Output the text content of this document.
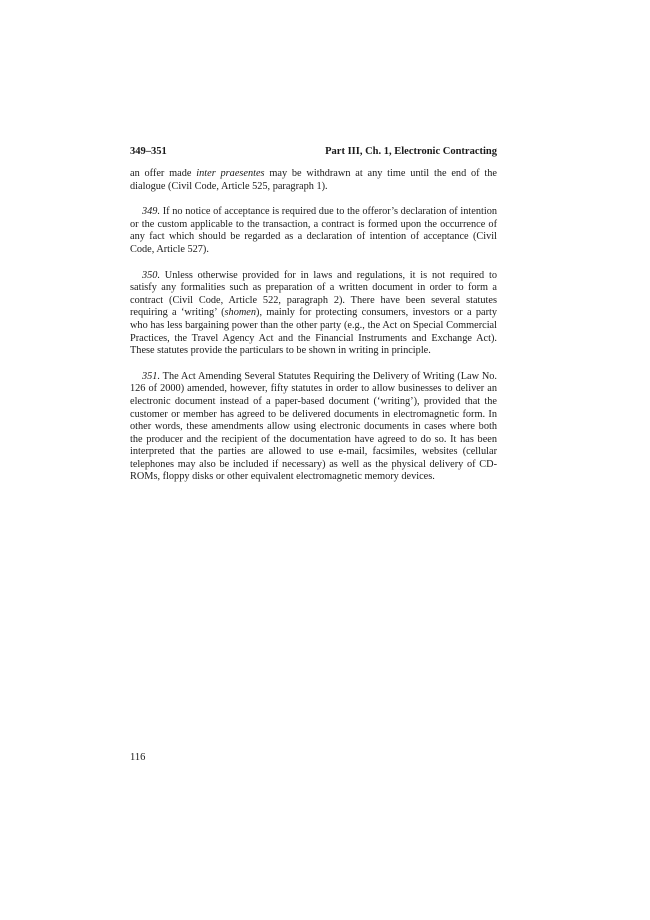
349–351	Part III, Ch. 1, Electronic Contracting

an offer made inter praesentes may be withdrawn at any time until the end of the dialogue (Civil Code, Article 525, paragraph 1).

349. If no notice of acceptance is required due to the offeror’s declaration of intention or the custom applicable to the transaction, a contract is formed upon the occurrence of any fact which should be regarded as a declaration of intention of acceptance (Civil Code, Article 527).

350. Unless otherwise provided for in laws and regulations, it is not required to satisfy any formalities such as preparation of a written document in order to form a contract (Civil Code, Article 522, paragraph 2). There have been several statutes requiring a ‘writing’ (shomen), mainly for protecting consumers, investors or a party who has less bargaining power than the other party (e.g., the Act on Special Commercial Practices, the Travel Agency Act and the Financial Instruments and Exchange Act). These statutes provide the particulars to be shown in writing in principle.

351. The Act Amending Several Statutes Requiring the Delivery of Writing (Law No. 126 of 2000) amended, however, fifty statutes in order to allow businesses to deliver an electronic document instead of a paper-based document (‘writing’), provided that the customer or member has agreed to be delivered documents in electromagnetic form. In other words, these amendments allow using electronic documents in cases where both the producer and the recipient of the documentation have agreed to do so. It has been interpreted that the parties are allowed to use e-mail, facsimiles, websites (cellular telephones may also be included if necessary) as well as the physical delivery of CD-ROMs, floppy disks or other equivalent electromagnetic memory devices.

116
